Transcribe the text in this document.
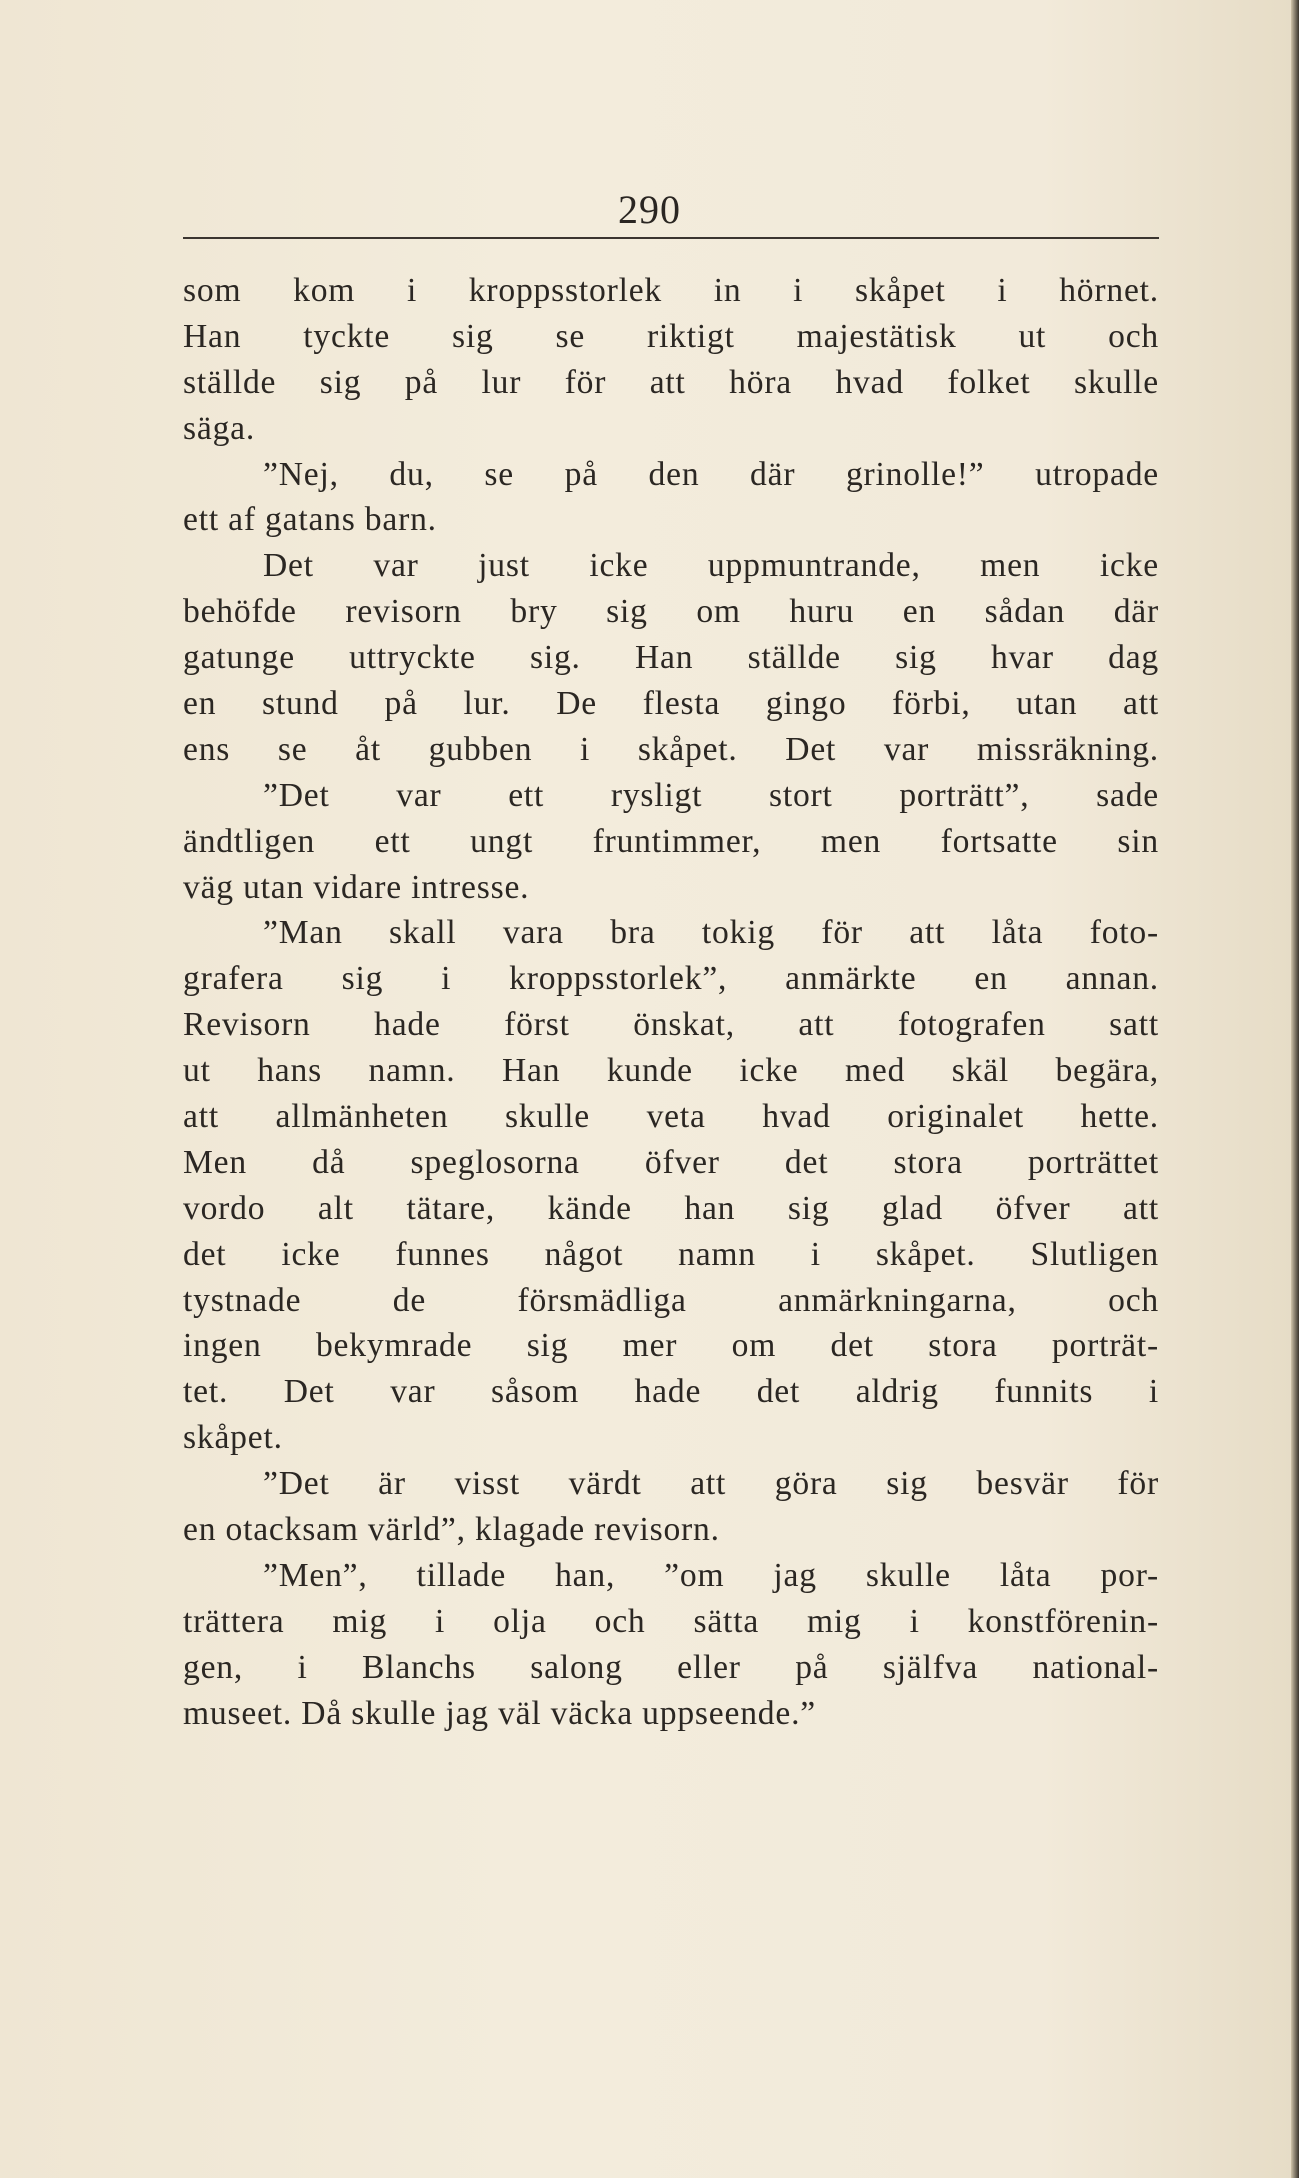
290
som kom i kroppsstorlek in i skåpet i hörnet.
Han tyckte sig se riktigt majestätisk ut och
ställde sig på lur för att höra hvad folket skulle
säga.
”Nej, du, se på den där grinolle!” utropade
ett af gatans barn.
Det var just icke uppmuntrande, men icke
behöfde revisorn bry sig om huru en sådan där
gatunge uttryckte sig. Han ställde sig hvar dag
en stund på lur. De flesta gingo förbi, utan att
ens se åt gubben i skåpet. Det var missräkning.
”Det var ett rysligt stort porträtt”, sade
ändtligen ett ungt fruntimmer, men fortsatte sin
väg utan vidare intresse.
”Man skall vara bra tokig för att låta foto-
grafera sig i kroppsstorlek”, anmärkte en annan.
Revisorn hade först önskat, att fotografen satt
ut hans namn. Han kunde icke med skäl begära,
att allmänheten skulle veta hvad originalet hette.
Men då speglosorna öfver det stora porträttet
vordo alt tätare, kände han sig glad öfver att
det icke funnes något namn i skåpet. Slutligen
tystnade de försmädliga anmärkningarna, och
ingen bekymrade sig mer om det stora porträt-
tet. Det var såsom hade det aldrig funnits i
skåpet.
”Det är visst värdt att göra sig besvär för
en otacksam värld”, klagade revisorn.
”Men”, tillade han, ”om jag skulle låta por-
trättera mig i olja och sätta mig i konstförenin-
gen, i Blanchs salong eller på själfva national-
museet. Då skulle jag väl väcka uppseende.”
